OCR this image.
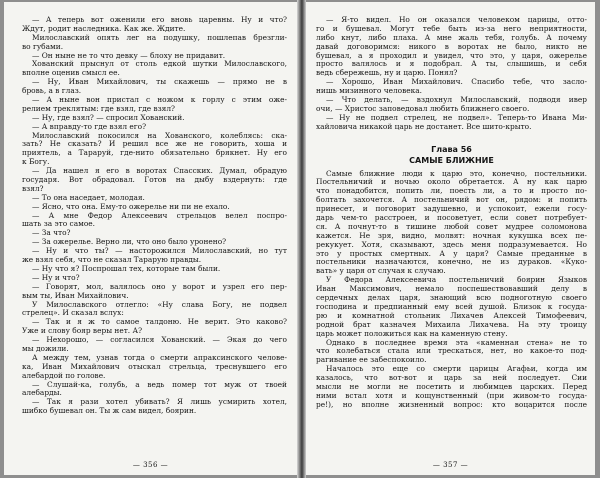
— А теперь вот оженили его вновь царевны. Ну и что?
Ждут, родит наследника. Как же. Ждите.
Милославский опять лег на подушку, пошлепав брезгли-
во губами.
— Он ныне не то что девку — блоху не придавит.
Хованский прыснул от столь едкой шутки Милославского,
вполне оценив смысл ее.
— Ну, Иван Михайлович, ты скажешь — прямо не в
бровь, а в глаз.
— А ныне вон пристал с ножом к горлу с этим оже-
релием треклятым: где взял, где взял?
— Ну, где взял? — спросил Хованский.
— А вправду-то где взял его?
Милославский покосился на Хованского, колеблясь: ска-
зать? Не сказать? И решил все же не говорить, хоша и
приятель, а Тараруй, где-нито обязательно брякнет. Ну его
к Богу.
— Да нашел я его в воротах Спасских. Думал, обрадую
государя. Вот обрадовал. Готов на дыбу вздернуть: где
взял?
— То она наседает, молодая.
— Ясно, что она. Ему-то ожерелье ни пи не ехало.
— А мне Федор Алексеевич стрельцов велел поспро-
шать за это самое.
— За что?
— За ожерелье. Верно ли, что оно было уронено?
— Ну и что ты? — насторожился Милославский, но тут
же взял себя, что не сказал Тарарую правды.
— Ну что я? Поспрошал тех, которые там были.
— Ну и что?
— Говорят, мол, валялось оно у ворот и узрел его пер-
вым ты, Иван Михайлович.
У Милославского отлегло: «Ну слава Богу, не подвел
стрелец». И сказал вслух:
— Так и я ж то самое талдоню. Не верит. Это каково?
Уже и слову бояр веры нет. А?
— Нехорошо, — согласился Хованский. — Экая до чего
мы дожили.
А между тем, узнав тогда о смерти апраксинского челове-
ка, Иван Михайлович отыскал стрельца, треснувшего его
алебардой по голове.
— Слушай-ка, голубь, а ведь помер тот муж от твоей
алебарды.
— Так я рази хотел убивать? Я лишь усмирить хотел,
шибко бушевал он. Ты ж сам видел, боярин.
— 356 —
— Я-то видел. Но он оказался человеком царицы, отто-
го и бушевал. Могут тебе быть из-за него неприятности,
либо кнут, либо плаха. А мне жаль тебя, голубь. А почему
давай договоримся: никого в воротах не было, никто не
бушевал, а я проходил и увидел, что это, у царя, ожерелье
просто валялось и я подобрал. А ты, слышишь, и себя
ведь сбережешь, ну и царю. Понял?
— Хорошо, Иван Михайлович. Спасибо тебе, что засло-
нишь мизинного человека.
— Что делать, — вздохнул Милославский, подводя ивер
очи, — Христос заповедовал любить ближнего своего.
— Ну не подвел стрелец, не подвел». Теперь-то Ивана Ми-
хайловича никакой царь не достанет. Все шито-крыто.
Глава 56
САМЫЕ БЛИЖНИЕ
Самые ближние люди к царю это, конечно, постельники.
Постельничий и ночью около обретается. А ну как царю
что понадобится, попить ли, поесть ли, а то и просто по-
болтать захочется. А постельничий вот он, рядом: и попить
принесет, и поговорит задушевно, и успокоит, ежели госу-
дарь чем-то расстроен, и посоветует, если совет потребует-
ся. А почнут-то в тишине любой совет мудрее соломонова
кажется. Не зря, видно, молвят: ночная кукушка всех пе-
рекукует. Хотя, сказывают, здесь меня подразумевается. Но
это у простых смертных. А у царя? Самые преданные в
постельники назначаются, конечно, не из дураков. «Куко-
вать» у царя от случая к случаю.
У Федора Алексеевича постельничий боярин Языков
Иван Максимович, немало поспешествовавший делу в
сердечных делах царя, знающий всю подноготную своего
господина и предпианный ему всей душой. Близок к госуда-
рю и комнатной стольник Лихачев Алексей Тимофеевич,
родной брат казначея Михаила Лихачева. На эту троицу
царь может положиться как на каменную стену.
Однако в последнее время эта «каменная стена» не то
что колебаться стала или трескаться, нет, но какое-то под-
рагивание ее забеспокоило.
Началось это еще со смерти царицы Агафьи, когда им
казалось, что вот-вот и царь за ней последует. Сии
мысли не могли не посетить и любимцев царских. Перед
ними встал хотя и кощунственный (при живом-то госуда-
ре!), но вполне жизненный вопрос: кто воцарится после
— 357 —
